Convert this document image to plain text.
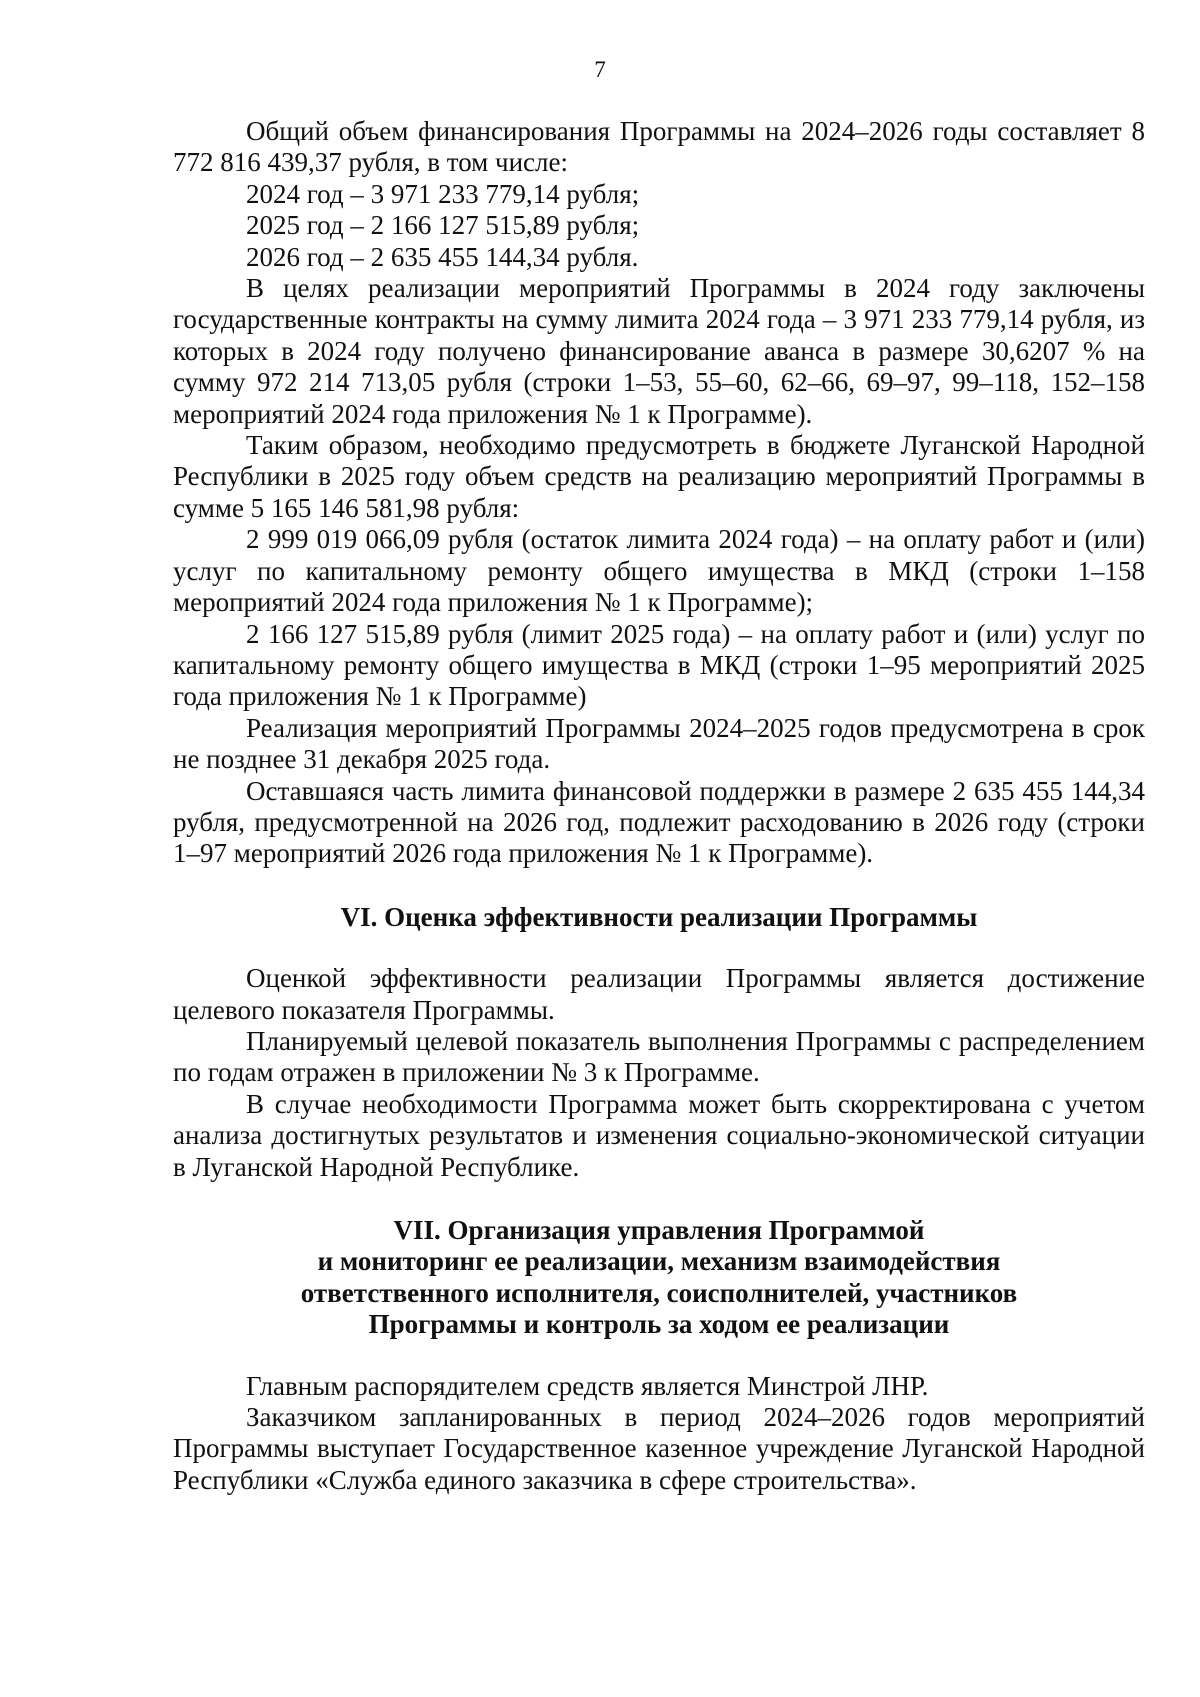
7

Общий объем финансирования Программы на 2024–2026 годы составляет 8 772 816 439,37 рубля, в том числе:

2024 год – 3 971 233 779,14 рубля;

2025 год – 2 166 127 515,89 рубля;

2026 год – 2 635 455 144,34 рубля.

В целях реализации мероприятий Программы в 2024 году заключены государственные контракты на сумму лимита 2024 года – 3 971 233 779,14 рубля, из которых в 2024 году получено финансирование аванса в размере 30,6207 % на сумму 972 214 713,05 рубля (строки 1–53, 55–60, 62–66, 69–97, 99–118, 152–158 мероприятий 2024 года приложения № 1 к Программе).

Таким образом, необходимо предусмотреть в бюджете Луганской Народной Республики в 2025 году объем средств на реализацию мероприятий Программы в сумме 5 165 146 581,98 рубля:

2 999 019 066,09 рубля (остаток лимита 2024 года) – на оплату работ и (или) услуг по капитальному ремонту общего имущества в МКД (строки 1–158 мероприятий 2024 года приложения № 1 к Программе);

2 166 127 515,89 рубля (лимит 2025 года) – на оплату работ и (или) услуг по капитальному ремонту общего имущества в МКД (строки 1–95 мероприятий 2025 года приложения № 1 к Программе)

Реализация мероприятий Программы 2024–2025 годов предусмотрена в срок не позднее 31 декабря 2025 года.

Оставшаяся часть лимита финансовой поддержки в размере 2 635 455 144,34 рубля, предусмотренной на 2026 год, подлежит расходованию в 2026 году (строки 1–97 мероприятий 2026 года приложения № 1 к Программе).

VI. Оценка эффективности реализации Программы

Оценкой эффективности реализации Программы является достижение целевого показателя Программы.

Планируемый целевой показатель выполнения Программы с распределением по годам отражен в приложении № 3 к Программе.

В случае необходимости Программа может быть скорректирована с учетом анализа достигнутых результатов и изменения социально-экономической ситуации в Луганской Народной Республике.

VII. Организация управления Программой
и мониторинг ее реализации, механизм взаимодействия
ответственного исполнителя, соисполнителей, участников
Программы и контроль за ходом ее реализации

Главным распорядителем средств является Минстрой ЛНР.

Заказчиком запланированных в период 2024–2026 годов мероприятий Программы выступает Государственное казенное учреждение Луганской Народной Республики «Служба единого заказчика в сфере строительства».
